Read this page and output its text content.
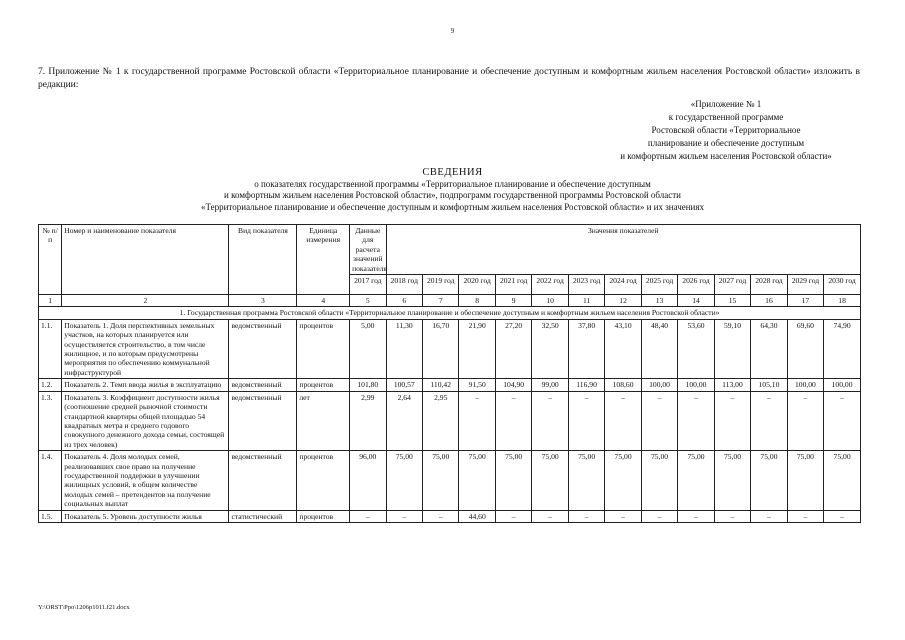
9
7. Приложение № 1 к государственной программе Ростовской области «Территориальное планирование и обеспечение доступным и комфортным жильем населения Ростовской области» изложить в редакции:
«Приложение № 1
к государственной программе
Ростовской области «Территориальное
планирование и обеспечение доступным
и комфортным жильем населения Ростовской области»
СВЕДЕНИЯ
о показателях государственной программы «Территориальное планирование и обеспечение доступным
и комфортным жильем населения Ростовской области», подпрограмм государственной программы Ростовской области
«Территориальное планирование и обеспечение доступным и комфортным жильем населения Ростовской области» и их значениях
№ п/п	Номер и наименование показателя	Вид показателя	Единица измерения	Данные для расчета значений показателя	Значения показателей												
				2017 год	2018 год	2019 год	2020 год	2021 год	2022 год	2023 год	2024 год	2025 год	2026 год	2027 год	2028 год	2029 год	2030 год
1	2	3	4	5	6	7	8	9	10	11	12	13	14	15	16	17	18
1. Государственная программа Ростовской области «Территориальное планирование и обеспечение доступным и комфортным жильем населения Ростовской области»																	
1.1.	Показатель 1. Доля перспективных земельных участков, на которых планируется или осуществляется строительство, в том числе жилищное, и по которым предусмотрены мероприятия по обеспечению коммунальной инфраструктурой	ведомственный	процентов	5,00	11,30	16,70	21,90	27,20	32,50	37,80	43,10	48,40	53,60	59,10	64,30	69,60	74,90
1.2.	Показатель 2. Темп ввода жилья в эксплуатацию	ведомственный	процентов	101,80	100,57	110,42	91,50	104,90	99,00	116,90	108,60	100,00	100,00	113,00	105,10	100,00	100,00
1.3.	Показатель 3. Коэффициент доступности жилья (соотношение средней рыночной стоимости стандартной квартиры общей площадью 54 квадратных метра и среднего годового совокупного денежного дохода семьи, состоящей из трех человек)	ведомственный	лет	2,99	2,64	2,95	–	–	–	–	–	–	–	–	–	–	–
1.4.	Показатель 4. Доля молодых семей, реализовавших свое право на получение государственной поддержки в улучшении жилищных условий, в общем количестве молодых семей – претендентов на получение социальных выплат	ведомственный	процентов	96,00	75,00	75,00	75,00	75,00	75,00	75,00	75,00	75,00	75,00	75,00	75,00	75,00	75,00
1.5.	Показатель 5. Уровень доступности жилья	статистический	процентов	–	–	–	44,60	–	–	–	–	–	–	–	–	–	–
Y:\ORST\Ppo\1206p1011.f21.docx
